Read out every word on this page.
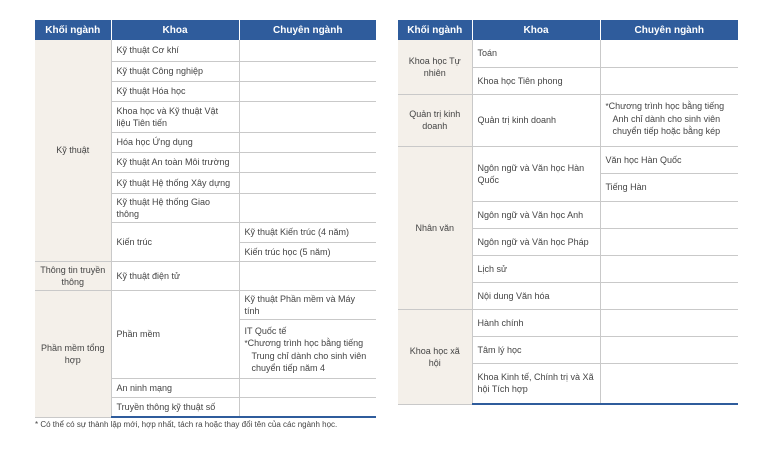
Khối ngành	Khoa	Chuyên ngành
Kỹ thuật	Kỹ thuật Cơ khí	
	Kỹ thuật Công nghiệp	
	Kỹ thuật Hóa học	
	Khoa học và Kỹ thuật Vật liệu Tiên tiến	
	Hóa học Ứng dụng	
	Kỹ thuật An toàn Môi trường	
	Kỹ thuật Hệ thống Xây dựng	
	Kỹ thuật Hệ thống Giao thông	
	Kiến trúc	Kỹ thuật Kiến trúc (4 năm)
		Kiến trúc học (5 năm)
Thông tin truyền thông	Kỹ thuật điện tử	
Phần mềm tổng hợp	Phần mềm	Kỹ thuật Phần mềm và Máy tính

		IT Quốc tế
*Chương trình học bằng tiếng Trung chỉ dành cho sinh viên chuyển tiếp năm 4

	An ninh mạng	
	Truyền thông kỹ thuật số	
Khối ngành	Khoa	Chuyên ngành
Khoa học Tự nhiên	Toán	
	Khoa học Tiên phong	
Quản trị kinh doanh	Quản trị kinh doanh	*Chương trình học bằng tiếng Anh chỉ dành cho sinh viên chuyển tiếp hoặc bằng kép

Nhân văn	Ngôn ngữ và Văn học Hàn Quốc	Văn học Hàn Quốc
		Tiếng Hàn
	Ngôn ngữ và Văn học Anh	
	Ngôn ngữ và Văn học Pháp	
	Lịch sử	
	Nội dung Văn hóa	
Khoa học xã hội	Hành chính	
	Tâm lý học	
	Khoa Kinh tế, Chính trị và Xã hội Tích hợp	
* Có thể có sự thành lập mới, hợp nhất, tách ra hoặc thay đổi tên của các ngành học.
